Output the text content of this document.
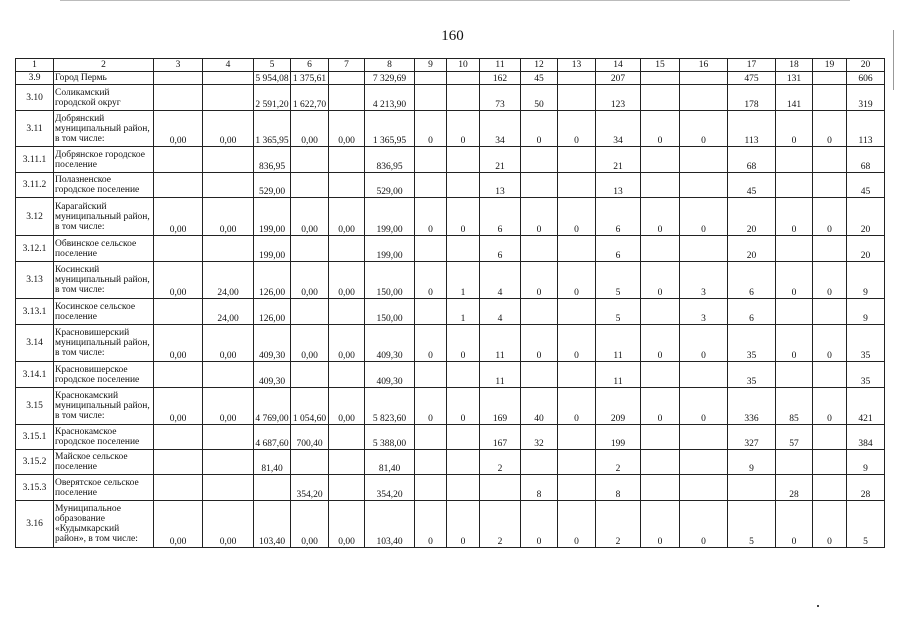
160
1	2	3	4	5	6	7	8	9	10	11	12	13	14	15	16	17	18	19	20
3.9	Город Пермь			5 954,08	1 375,61		7 329,69			162	45		207			475	131		606
3.10	Соликамский городской округ			2 591,20	1 622,70		4 213,90			73	50		123			178	141		319
3.11	Добрянский муниципальный район, в том числе:	0,00	0,00	1 365,95	0,00	0,00	1 365,95	0	0	34	0	0	34	0	0	113	0	0	113
3.11.1	Добрянское городское поселение			836,95			836,95			21			21			68			68
3.11.2	Полазненское городское поселение			529,00			529,00			13			13			45			45
3.12	Карагайский муниципальный район, в том числе:	0,00	0,00	199,00	0,00	0,00	199,00	0	0	6	0	0	6	0	0	20	0	0	20
3.12.1	Обвинское сельское поселение			199,00			199,00			6			6			20			20
3.13	Косинский муниципальный район, в том числе:	0,00	24,00	126,00	0,00	0,00	150,00	0	1	4	0	0	5	0	3	6	0	0	9
3.13.1	Косинское сельское поселение		24,00	126,00			150,00		1	4			5		3	6			9
3.14	Красновишерский муниципальный район, в том числе:	0,00	0,00	409,30	0,00	0,00	409,30	0	0	11	0	0	11	0	0	35	0	0	35
3.14.1	Красновишерское городское поселение			409,30			409,30			11			11			35			35
3.15	Краснокамский муниципальный район, в том числе:	0,00	0,00	4 769,00	1 054,60	0,00	5 823,60	0	0	169	40	0	209	0	0	336	85	0	421
3.15.1	Краснокамское городское поселение			4 687,60	700,40		5 388,00			167	32		199			327	57		384
3.15.2	Майское сельское поселение			81,40			81,40			2			2			9			9
3.15.3	Оверятское сельское поселение				354,20		354,20				8		8				28		28
3.16	Муниципальное образование «Кудымкарский район», в том числе:	0,00	0,00	103,40	0,00	0,00	103,40	0	0	2	0	0	2	0	0	5	0	0	5
